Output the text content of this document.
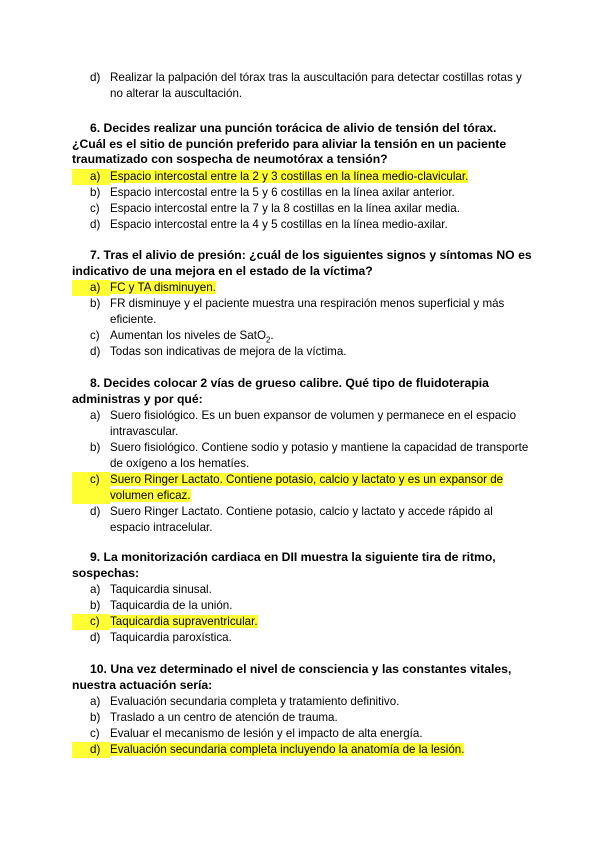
d) Realizar la palpación del tórax tras la auscultación para detectar costillas rotas y no alterar la auscultación.
6. Decides realizar una punción torácica de alivio de tensión del tórax. ¿Cuál es el sitio de punción preferido para aliviar la tensión en un paciente traumatizado con sospecha de neumotórax a tensión?
a) Espacio intercostal entre la 2 y 3 costillas en la línea medio-clavicular.
b) Espacio intercostal entre la 5 y 6 costillas en la línea axilar anterior.
c) Espacio intercostal entre la 7 y la 8 costillas en la línea axilar media.
d) Espacio intercostal entre la 4 y 5 costillas en la línea medio-axilar.
7. Tras el alivio de presión: ¿cuál de los siguientes signos y síntomas NO es indicativo de una mejora en el estado de la víctima?
a) FC y TA disminuyen.
b) FR disminuye y el paciente muestra una respiración menos superficial y más eficiente.
c) Aumentan los niveles de SatO$_2$.
d) Todas son indicativas de mejora de la víctima.
8. Decides colocar 2 vías de grueso calibre. Qué tipo de fluidoterapia administras y por qué:
a) Suero fisiológico. Es un buen expansor de volumen y permanece en el espacio intravascular.
b) Suero fisiológico. Contiene sodio y potasio y mantiene la capacidad de transporte de oxígeno a los hematíes.
c) Suero Ringer Lactato. Contiene potasio, calcio y lactato y es un expansor de volumen eficaz.
d) Suero Ringer Lactato. Contiene potasio, calcio y lactato y accede rápido al espacio intracelular.
9. La monitorización cardiaca en DII muestra la siguiente tira de ritmo, sospechas:
a) Taquicardia sinusal.
b) Taquicardia de la unión.
c) Taquicardia supraventricular.
d) Taquicardia paroxística.
10. Una vez determinado el nivel de consciencia y las constantes vitales, nuestra actuación sería:
a) Evaluación secundaria completa y tratamiento definitivo.
b) Traslado a un centro de atención de trauma.
c) Evaluar el mecanismo de lesión y el impacto de alta energía.
d) Evaluación secundaria completa incluyendo la anatomía de la lesión.
